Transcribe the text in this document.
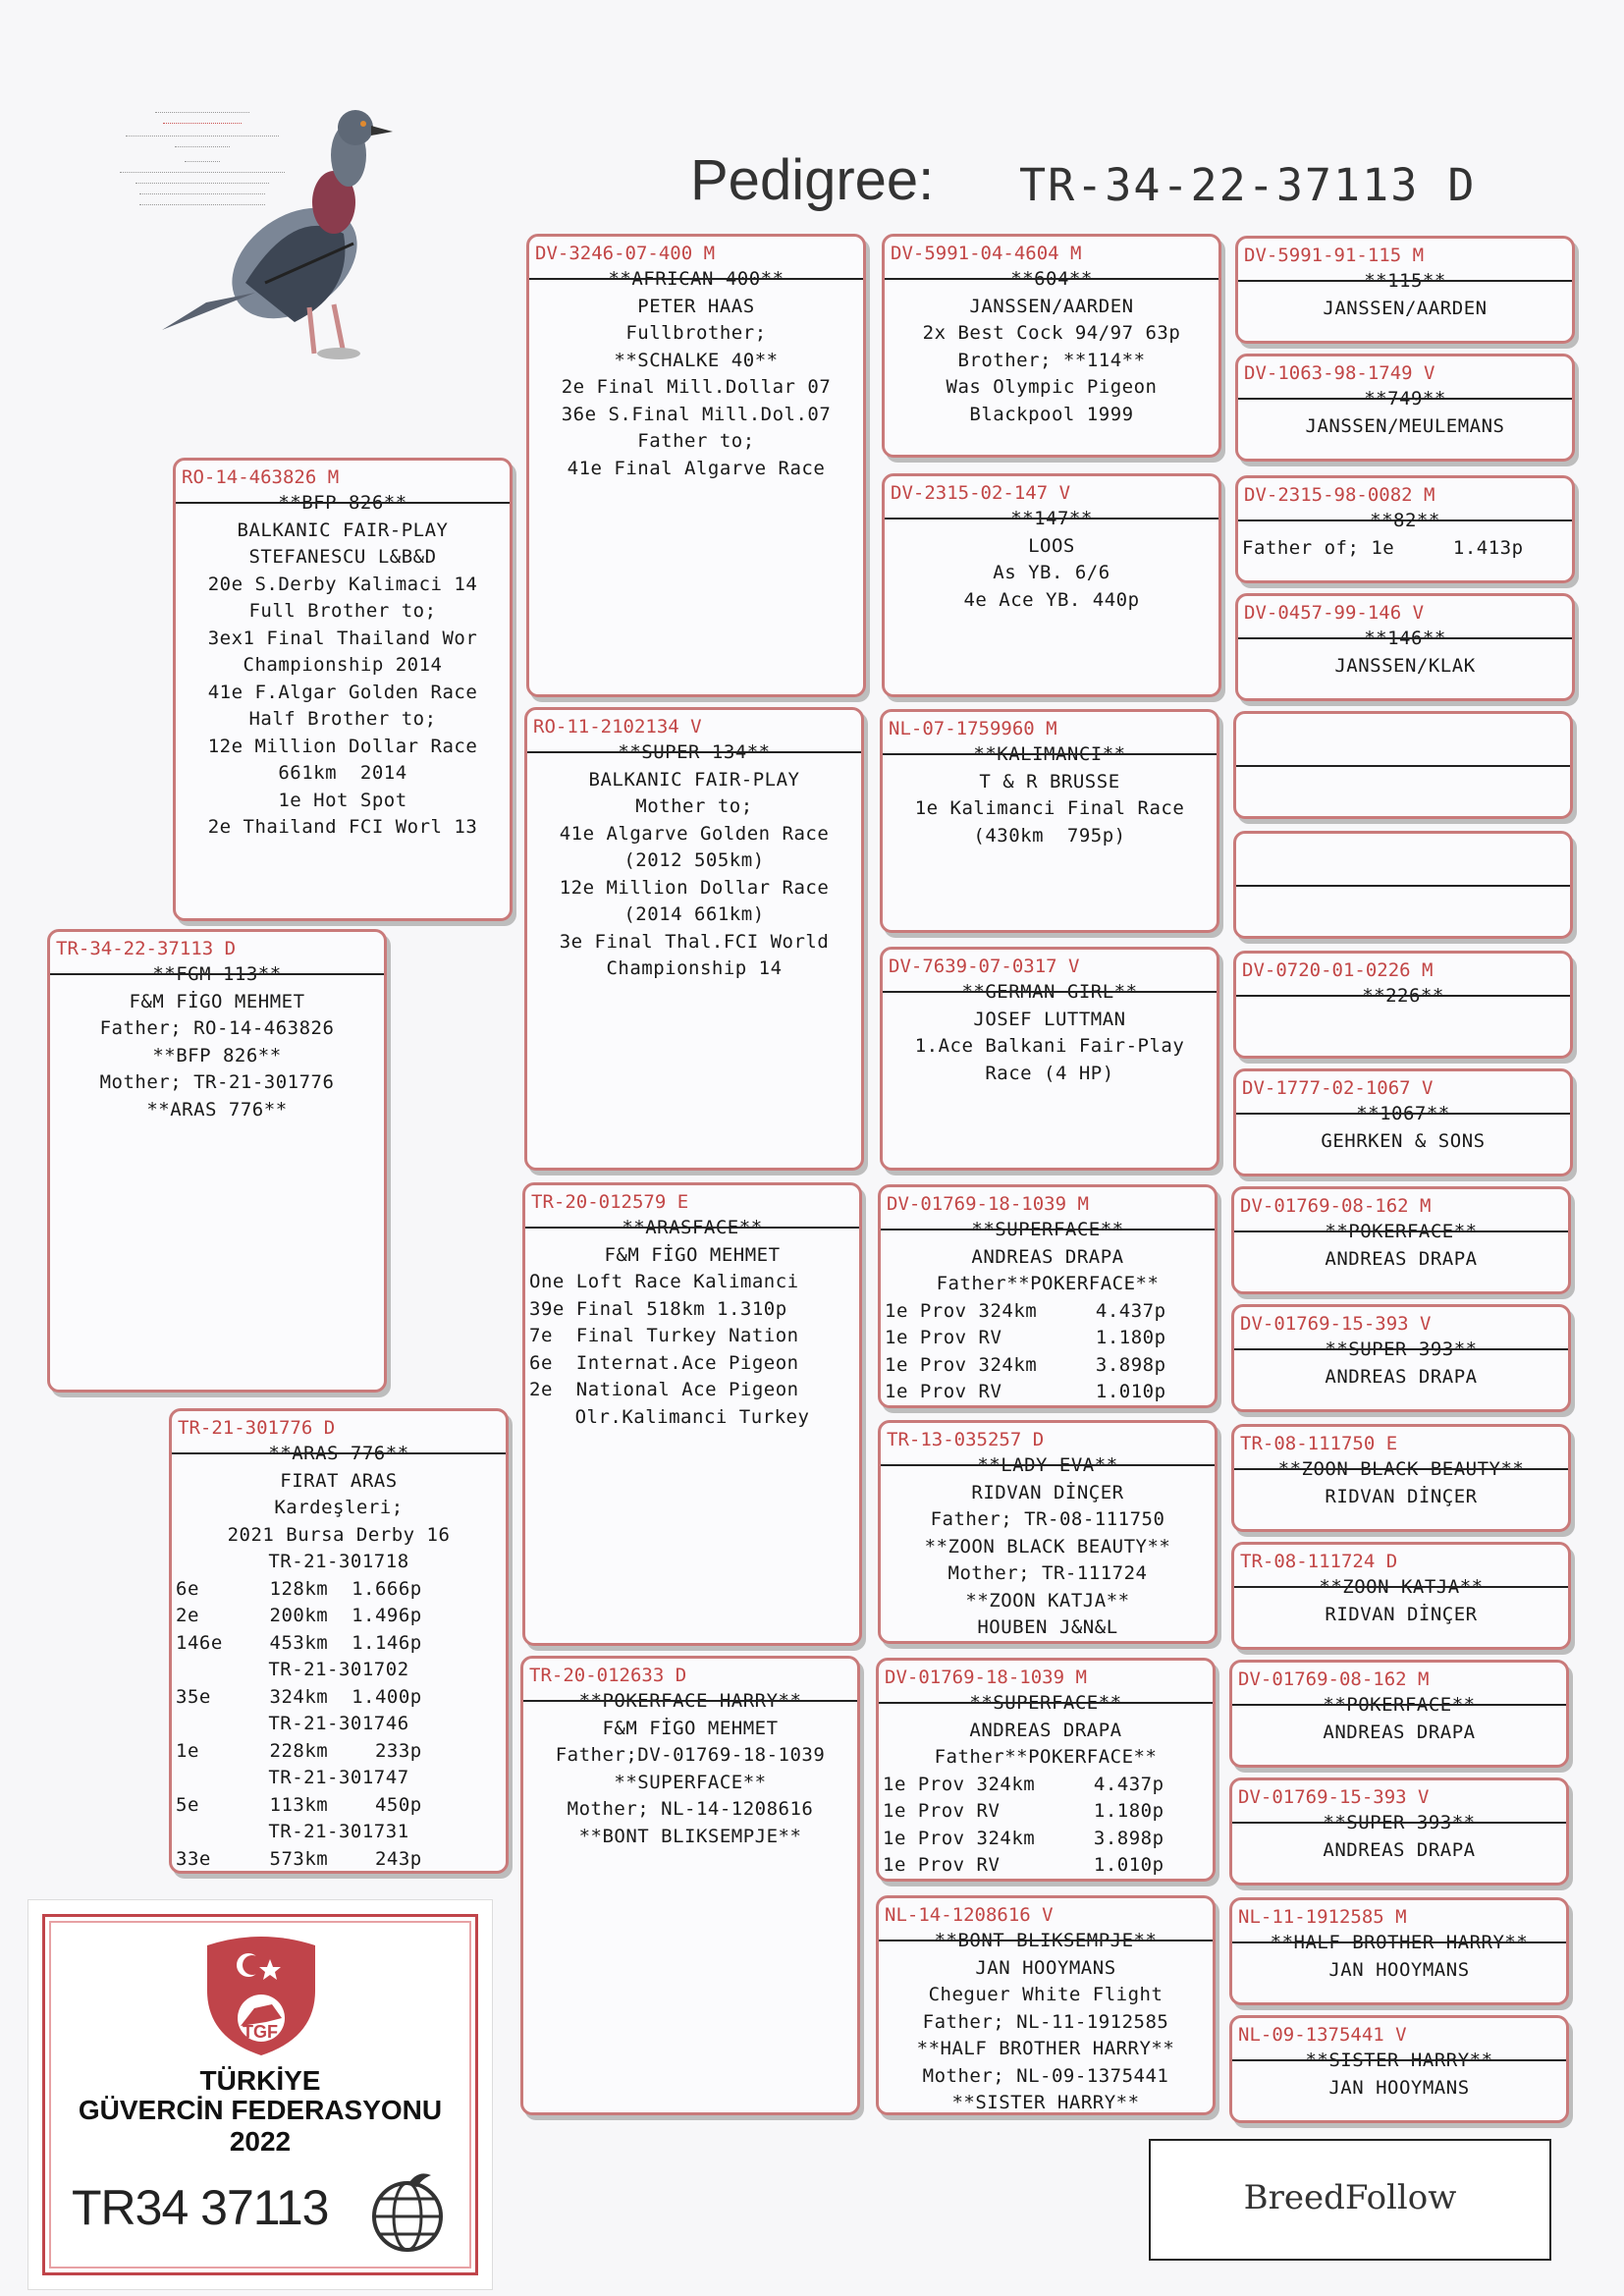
Pedigree: TR-34-22-37113 D
TR-34-22-37113 D
**FGM 113**
F&M FİGO MEHMET
Father; RO-14-463826
**BFP 826**
Mother; TR-21-301776
**ARAS 776**
RO-14-463826 M
**BFP 826**
BALKANIC FAIR-PLAY
STEFANESCU L&B&D
20e S.Derby Kalimaci 14
Full Brother to;
3ex1 Final Thailand Wor
Championship 2014
41e F.Algar Golden Race
Half Brother to;
12e Million Dollar Race
661km  2014
1e Hot Spot
2e Thailand FCI Worl 13
TR-21-301776 D
**ARAS 776**
FIRAT ARAS
Kardeşleri;
2021 Bursa Derby 16
TR-21-301718
6e      128km  1.666p
2e      200km  1.496p
146e    453km  1.146p
TR-21-301702
35e     324km  1.400p
TR-21-301746
1e      228km    233p
TR-21-301747
5e      113km    450p
TR-21-301731
33e     573km    243p
DV-3246-07-400 M
**AFRICAN 400**
PETER HAAS
Fullbrother;
**SCHALKE 40**
2e Final Mill.Dollar 07
36e S.Final Mill.Dol.07
Father to;
41e Final Algarve Race
RO-11-2102134 V
**SUPER 134**
BALKANIC FAIR-PLAY
Mother to;
41e Algarve Golden Race
(2012 505km)
12e Million Dollar Race
(2014 661km)
3e Final Thal.FCI World
Championship 14
TR-20-012579 E
**ARASFACE**
F&M FİGO MEHMET
One Loft Race Kalimanci
39e Final 518km 1.310p
7e  Final Turkey Nation
6e  Internat.Ace Pigeon
2e  National Ace Pigeon
Olr.Kalimanci Turkey
TR-20-012633 D
**POKERFACE HARRY**
F&M FİGO MEHMET
Father;DV-01769-18-1039
**SUPERFACE**
Mother; NL-14-1208616
**BONT BLIKSEMPJE**
DV-5991-04-4604 M
**604**
JANSSEN/AARDEN
2x Best Cock 94/97 63p
Brother; **114**
Was Olympic Pigeon
Blackpool 1999
DV-2315-02-147 V
**147**
LOOS
As YB. 6/6
4e Ace YB. 440p
NL-07-1759960 M
**KALIMANCI**
T & R BRUSSE
1e Kalimanci Final Race
(430km  795p)
DV-7639-07-0317 V
**GERMAN GIRL**
JOSEF LUTTMAN
1.Ace Balkani Fair-Play
Race (4 HP)
DV-01769-18-1039 M
**SUPERFACE**
ANDREAS DRAPA
Father**POKERFACE**
1e Prov 324km     4.437p
1e Prov RV        1.180p
1e Prov 324km     3.898p
1e Prov RV        1.010p
TR-13-035257 D
**LADY EVA**
RIDVAN DİNÇER
Father; TR-08-111750
**ZOON BLACK BEAUTY**
Mother; TR-111724
**ZOON KATJA**
HOUBEN J&N&L
DV-01769-18-1039 M
**SUPERFACE**
ANDREAS DRAPA
Father**POKERFACE**
1e Prov 324km     4.437p
1e Prov RV        1.180p
1e Prov 324km     3.898p
1e Prov RV        1.010p
NL-14-1208616 V
**BONT BLIKSEMPJE**
JAN HOOYMANS
Cheguer White Flight
Father; NL-11-1912585
**HALF BROTHER HARRY**
Mother; NL-09-1375441
**SISTER HARRY**
DV-5991-91-115 M
**115**
JANSSEN/AARDEN
DV-1063-98-1749 V
**749**
JANSSEN/MEULEMANS
DV-2315-98-0082 M
**82**
Father of; 1e     1.413p
DV-0457-99-146 V
**146**
JANSSEN/KLAK
DV-0720-01-0226 M
**226**
DV-1777-02-1067 V
**1067**
GEHRKEN & SONS
DV-01769-08-162 M
**POKERFACE**
ANDREAS DRAPA
DV-01769-15-393 V
**SUPER 393**
ANDREAS DRAPA
TR-08-111750 E
**ZOON BLACK BEAUTY**
RIDVAN DİNÇER
TR-08-111724 D
**ZOON KATJA**
RIDVAN DİNÇER
DV-01769-08-162 M
**POKERFACE**
ANDREAS DRAPA
DV-01769-15-393 V
**SUPER 393**
ANDREAS DRAPA
NL-11-1912585 M
**HALF BROTHER HARRY**
JAN HOOYMANS
NL-09-1375441 V
**SISTER HARRY**
JAN HOOYMANS
TGF
TÜRKİYE
GÜVERCİN FEDERASYONU
2022
TR34 37113	BreedFollow
